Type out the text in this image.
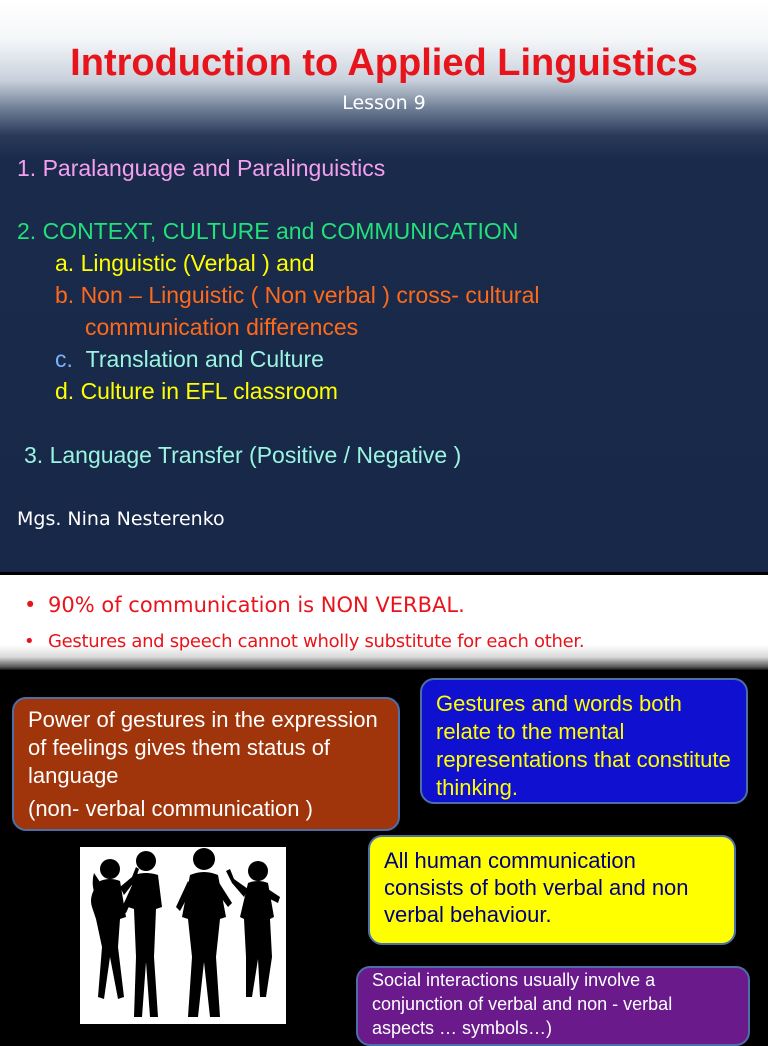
Introduction to Applied Linguistics
Lesson 9
1. Paralanguage and Paralinguistics
2. CONTEXT, CULTURE and COMMUNICATION
a. Linguistic (Verbal ) and
b. Non – Linguistic ( Non verbal ) cross- cultural
communication differences
c. Translation and Culture
d. Culture in EFL classroom
3. Language Transfer (Positive / Negative )
Mgs. Nina Nesterenko
• 90% of communication is NON VERBAL.
• Gestures and speech cannot wholly substitute for each other.
Power of gestures in the expression of feelings gives them status of language
(non- verbal communication )
Gestures and words both relate to the mental representations that constitute thinking.
All human communication consists of both verbal and non verbal behaviour.
Social interactions usually involve a conjunction of verbal and non - verbal aspects … symbols…)
